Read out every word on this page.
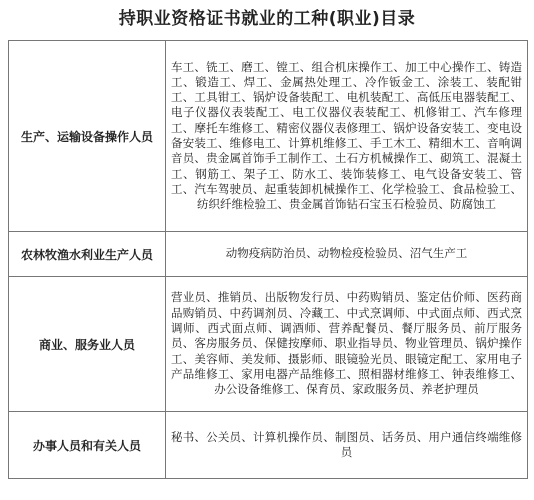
持职业资格证书就业的工种(职业)目录
生产、运输设备操作人员	车工、铣工、磨工、镗工、组合机床操作工、加工中心操作工、铸造工、锻造工、焊工、金属热处理工、冷作钣金工、涂装工、装配钳工、工具钳工、锅炉设备装配工、电机装配工、高低压电器装配工、电子仪器仪表装配工、电工仪器仪表装配工、机修钳工、汽车修理工、摩托车维修工、精密仪器仪表修理工、锅炉设备安装工、变电设备安装工、维修电工、计算机维修工、手工木工、精细木工、音响调音员、贵金属首饰手工制作工、土石方机械操作工、砌筑工、混凝土工、钢筋工、架子工、防水工、装饰装修工、电气设备安装工、管工、汽车驾驶员、起重装卸机械操作工、化学检验工、食品检验工、纺织纤维检验工、贵金属首饰钻石宝玉石检验员、防腐蚀工
农林牧渔水利业生产人员	动物疫病防治员、动物检疫检验员、沼气生产工
商业、服务业人员	营业员、推销员、出版物发行员、中药购销员、鉴定估价师、医药商品购销员、中药调剂员、冷藏工、中式烹调师、中式面点师、西式烹调师、西式面点师、调酒师、营养配餐员、餐厅服务员、前厅服务员、客房服务员、保健按摩师、职业指导员、物业管理员、锅炉操作工、美容师、美发师、摄影师、眼镜验光员、眼镜定配工、家用电子产品维修工、家用电器产品维修工、照相器材维修工、钟表维修工、办公设备维修工、保育员、家政服务员、养老护理员
办事人员和有关人员	秘书、公关员、计算机操作员、制图员、话务员、用户通信终端维修员
